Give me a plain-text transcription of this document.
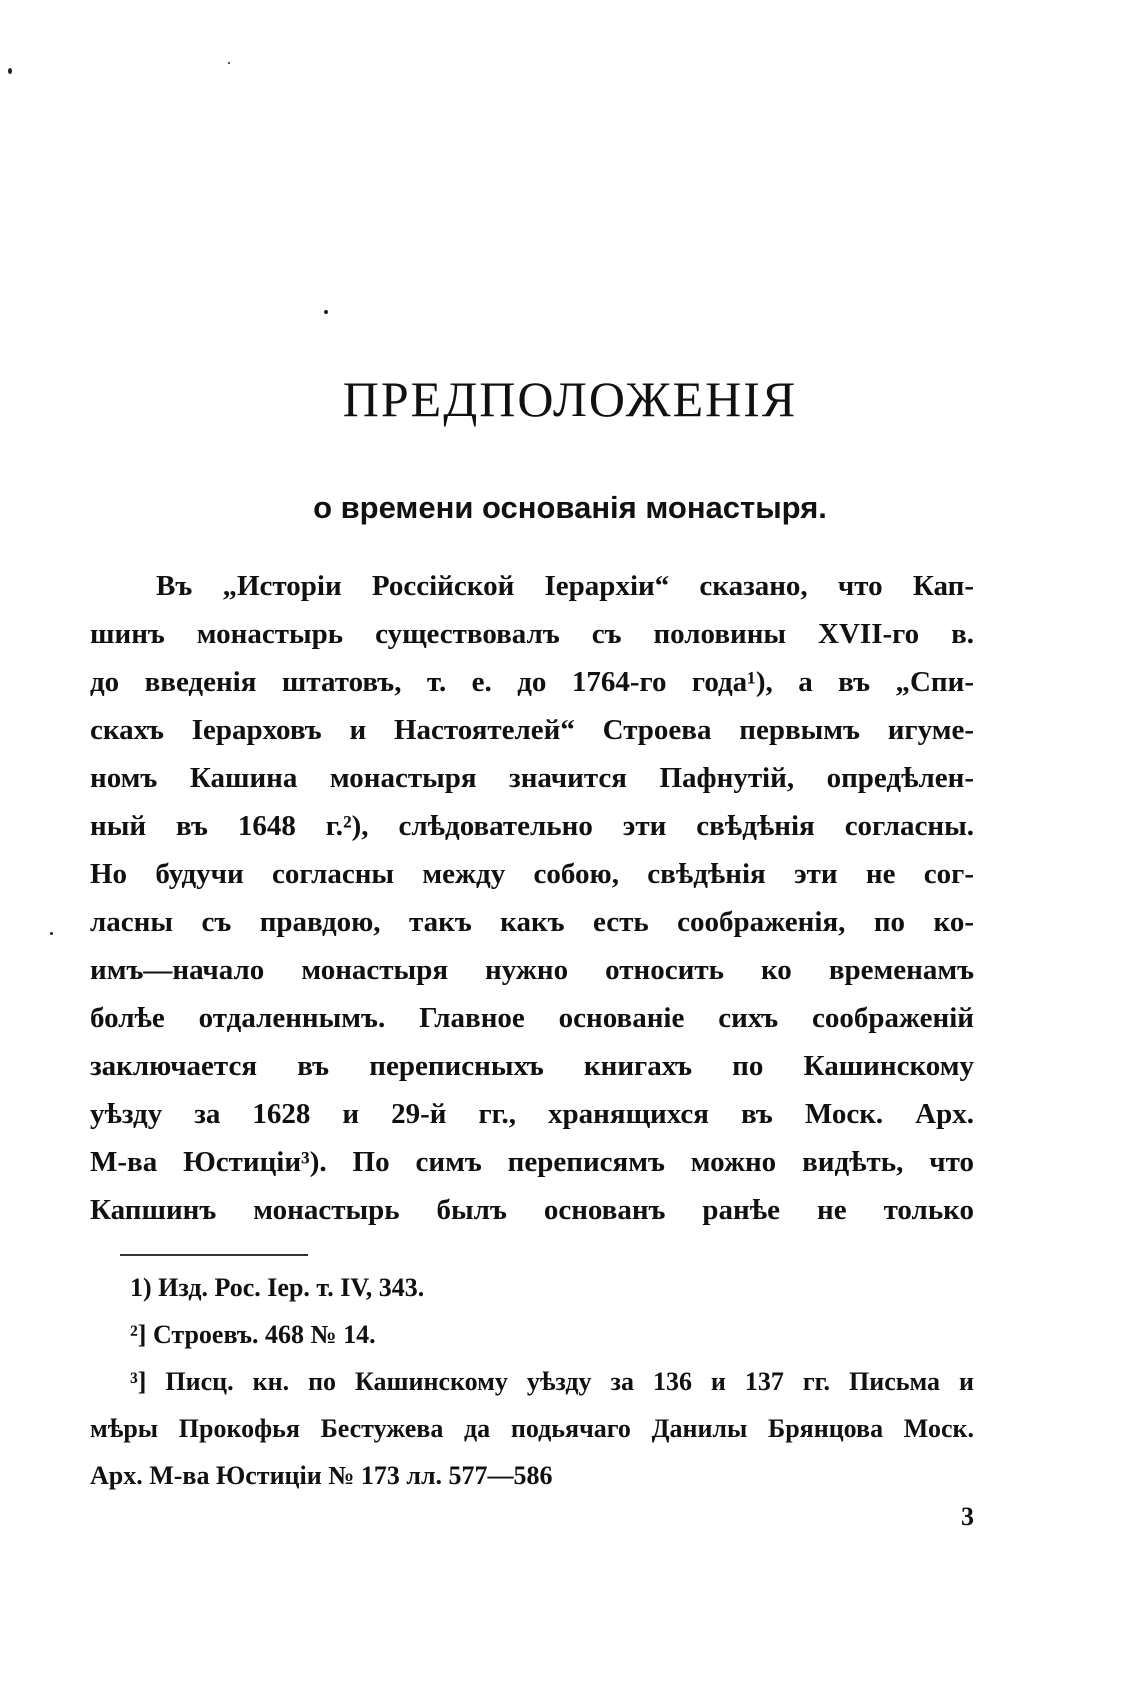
ПРЕДПОЛОЖЕНІЯ
о времени основанія монастыря.
Въ „Исторіи Россійской Іерархіи“ сказано, что Кап-
шинъ монастырь существовалъ съ половины XVII-го в.
до введенія штатовъ, т. е. до 1764-го года¹), а въ „Спи-
скахъ Іерарховъ и Настоятелей“ Строева первымъ игуме-
номъ Кашина монастыря значится Пафнутій, опредѣлен-
ный въ 1648 г.²), слѣдовательно эти свѣдѣнія согласны.
Но будучи согласны между собою, свѣдѣнія эти не сог-
ласны съ правдою, такъ какъ есть соображенія, по ко-
имъ—начало монастыря нужно относить ко временамъ
болѣе отдаленнымъ. Главное основаніе сихъ соображеній
заключается въ переписныхъ книгахъ по Кашинскому
уѣзду за 1628 и 29-й гг., хранящихся въ Моск. Арх.
М-ва Юстиціи³). По симъ переписямъ можно видѣть, что
Капшинъ монастырь былъ основанъ ранѣе не только
1) Изд. Рос. Іер. т. IV, 343.
²] Строевъ. 468 № 14.
³] Писц. кн. по Кашинскому уѣзду за 136 и 137 гг. Письма и
мѣры Прокофья Бестужева да подьячаго Данилы Брянцова Моск.
Арх. М-ва Юстиціи № 173 лл. 577—586
3
